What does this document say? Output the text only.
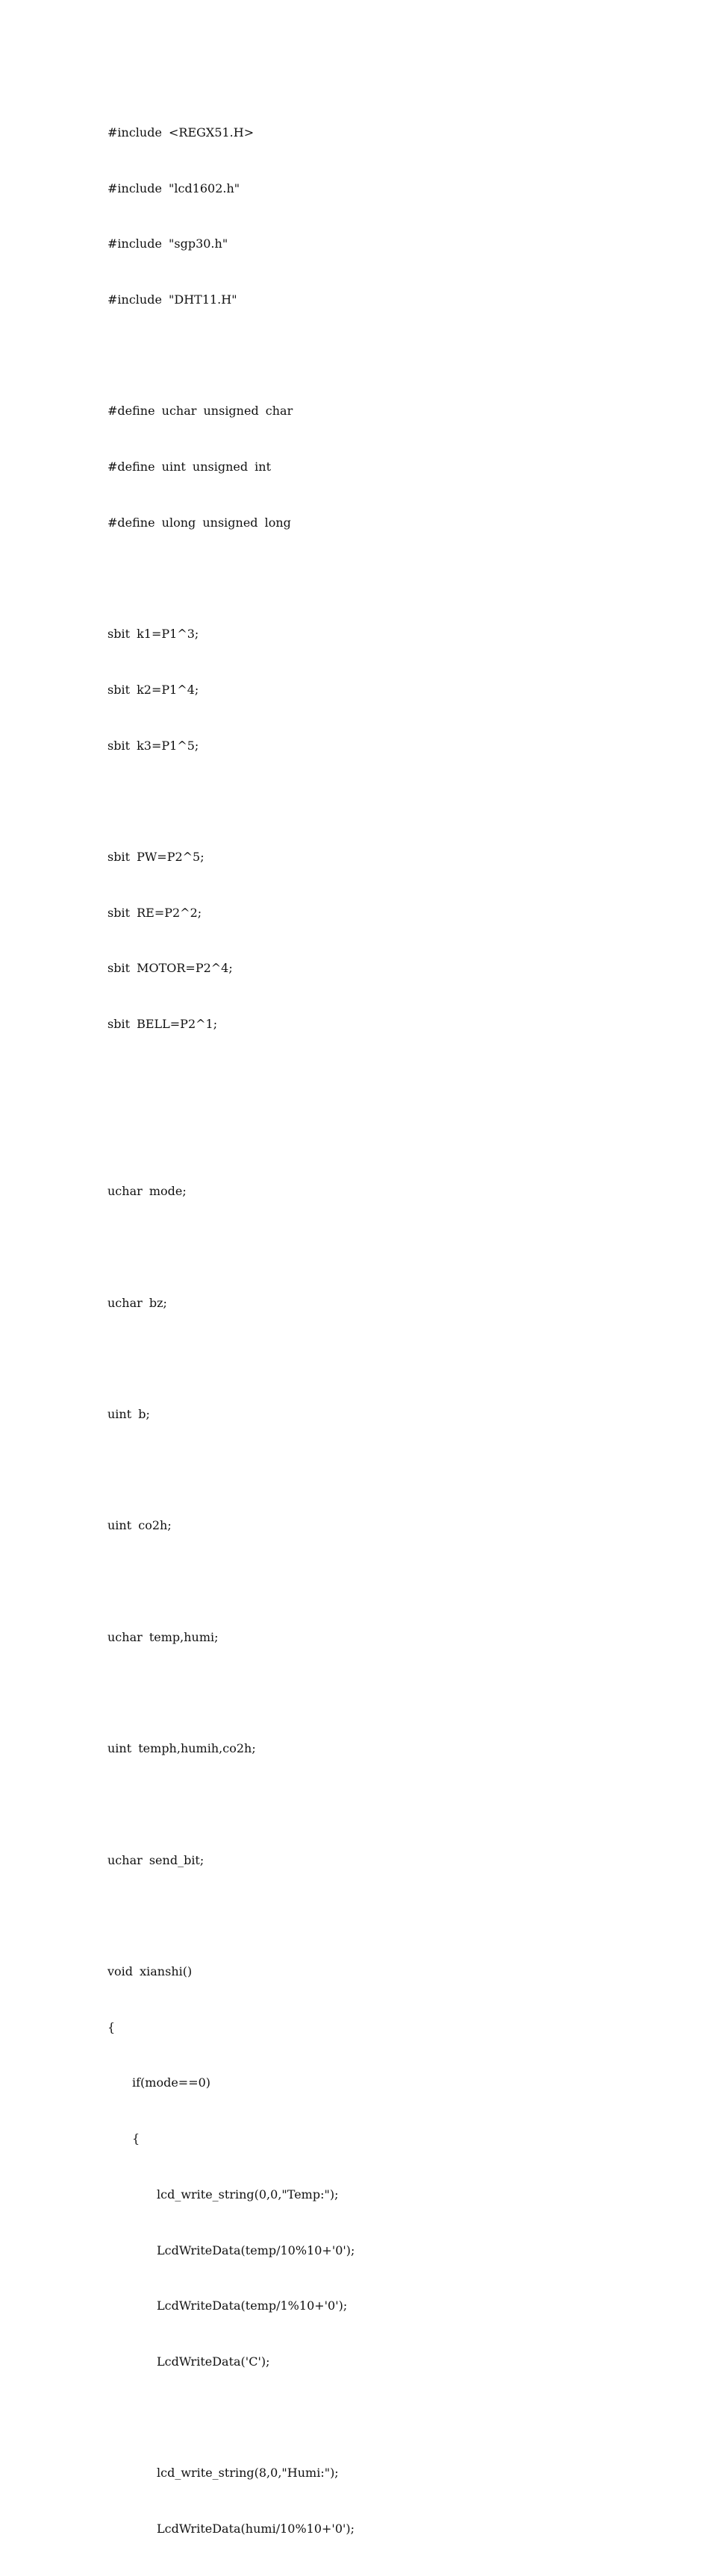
#include <REGX51.H>

#include "lcd1602.h"

#include "sgp30.h"

#include "DHT11.H"

#define uchar unsigned char

#define uint unsigned int

#define ulong unsigned long

sbit k1=P1^3;

sbit k2=P1^4;

sbit k3=P1^5;

sbit PW=P2^5;

sbit RE=P2^2;

sbit MOTOR=P2^4;

sbit BELL=P2^1;

uchar mode;

uchar bz;

uint b;

uint co2h;

uchar temp,humi;

uint temph,humih,co2h;

uchar send_bit;

void xianshi()

{

if(mode==0)

{

lcd_write_string(0,0,"Temp:");

LcdWriteData(temp/10%10+'0');

LcdWriteData(temp/1%10+'0');

LcdWriteData('C');

lcd_write_string(8,0,"Humi:");

LcdWriteData(humi/10%10+'0');
